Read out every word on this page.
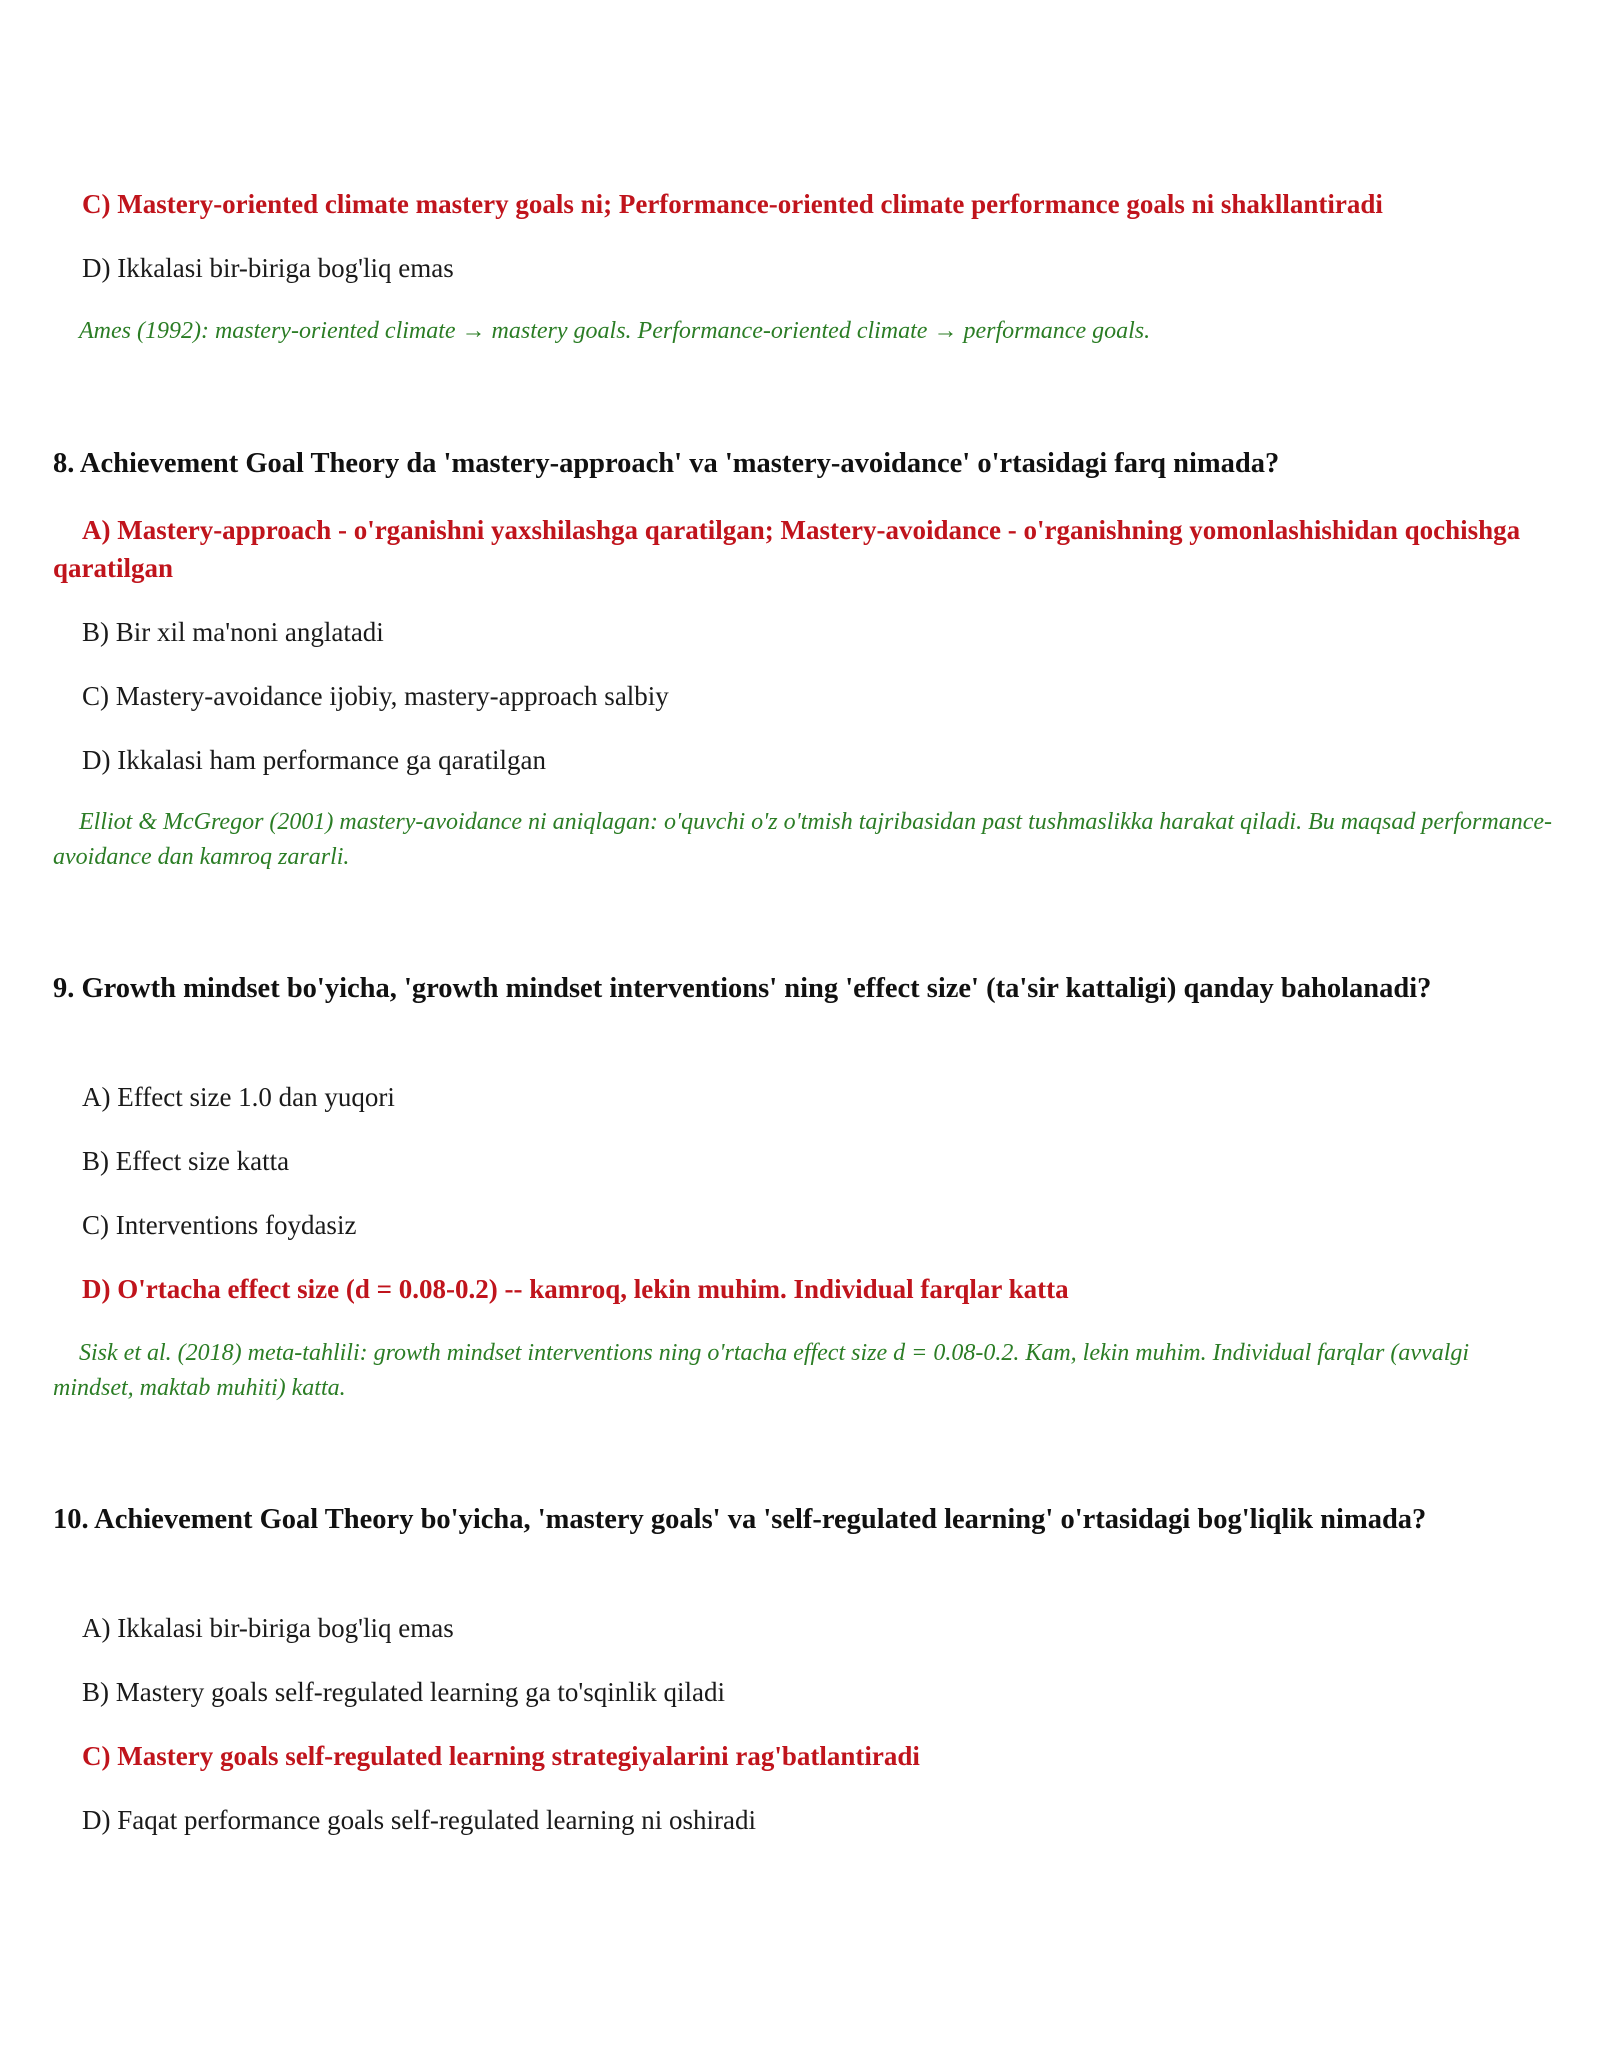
C) Mastery-oriented climate mastery goals ni; Performance-oriented climate performance goals ni shakllantiradi

D) Ikkalasi bir-biriga bog'liq emas

Ames (1992): mastery-oriented climate → mastery goals. Performance-oriented climate → performance goals.

8. Achievement Goal Theory da 'mastery-approach' va 'mastery-avoidance' o'rtasidagi farq nimada?

A) Mastery-approach - o'rganishni yaxshilashga qaratilgan; Mastery-avoidance - o'rganishning yomonlashishidan qochishga qaratilgan

B) Bir xil ma'noni anglatadi

C) Mastery-avoidance ijobiy, mastery-approach salbiy

D) Ikkalasi ham performance ga qaratilgan

Elliot & McGregor (2001) mastery-avoidance ni aniqlagan: o'quvchi o'z o'tmish tajribasidan past tushmaslikka harakat qiladi. Bu maqsad performance-avoidance dan kamroq zararli.

9. Growth mindset bo'yicha, 'growth mindset interventions' ning 'effect size' (ta'sir kattaligi) qanday baholanadi?

A) Effect size 1.0 dan yuqori

B) Effect size katta

C) Interventions foydasiz

D) O'rtacha effect size (d = 0.08-0.2) -- kamroq, lekin muhim. Individual farqlar katta

Sisk et al. (2018) meta-tahlili: growth mindset interventions ning o'rtacha effect size d = 0.08-0.2. Kam, lekin muhim. Individual farqlar (avvalgi mindset, maktab muhiti) katta.

10. Achievement Goal Theory bo'yicha, 'mastery goals' va 'self-regulated learning' o'rtasidagi bog'liqlik nimada?

A) Ikkalasi bir-biriga bog'liq emas

B) Mastery goals self-regulated learning ga to'sqinlik qiladi

C) Mastery goals self-regulated learning strategiyalarini rag'batlantiradi

D) Faqat performance goals self-regulated learning ni oshiradi
